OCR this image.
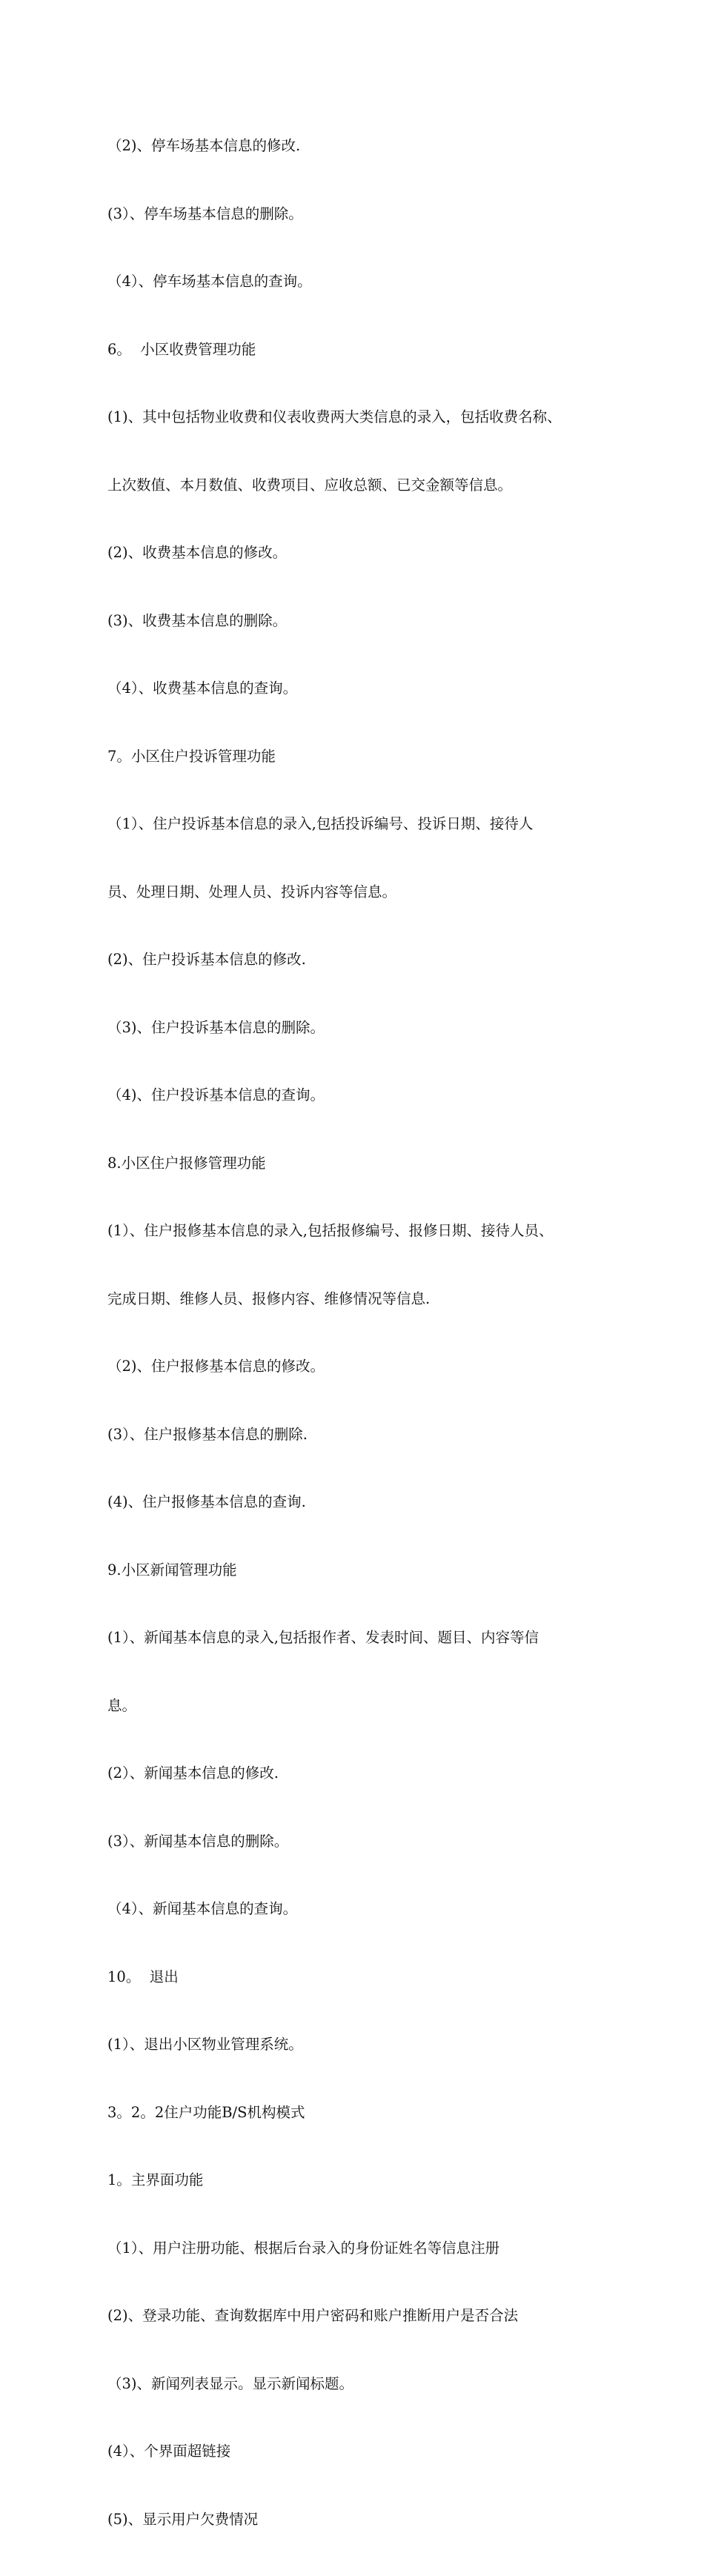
（2)、停车场基本信息的修改.

(3）、停车场基本信息的删除。

（4）、停车场基本信息的查询。

6。  小区收费管理功能

(1)、其中包括物业收费和仪表收费两大类信息的录入，包括收费名称、

上次数值、本月数值、收费项目、应收总额、已交金额等信息。

(2)、收费基本信息的修改。

(3)、收费基本信息的删除。

（4）、收费基本信息的查询。

7。小区住户投诉管理功能

（1）、住户投诉基本信息的录入,包括投诉编号、投诉日期、接待人

员、处理日期、处理人员、投诉内容等信息。

(2)、住户投诉基本信息的修改.

（3)、住户投诉基本信息的删除。

（4)、住户投诉基本信息的查询。

8.小区住户报修管理功能

(1）、住户报修基本信息的录入,包括报修编号、报修日期、接待人员、

完成日期、维修人员、报修内容、维修情况等信息.

（2)、住户报修基本信息的修改。

(3）、住户报修基本信息的删除.

(4)、住户报修基本信息的查询.

9.小区新闻管理功能

(1）、新闻基本信息的录入,包括报作者、发表时间、题目、内容等信

息。

(2）、新闻基本信息的修改.

(3）、新闻基本信息的删除。

（4）、新闻基本信息的查询。

10。  退出

(1）、退出小区物业管理系统。

3。2。2住户功能B/S机构模式

1。主界面功能

（1）、用户注册功能、根据后台录入的身份证姓名等信息注册

(2)、登录功能、查询数据库中用户密码和账户推断用户是否合法

（3)、新闻列表显示。显示新闻标题。

(4）、个界面超链接

(5)、显示用户欠费情况
